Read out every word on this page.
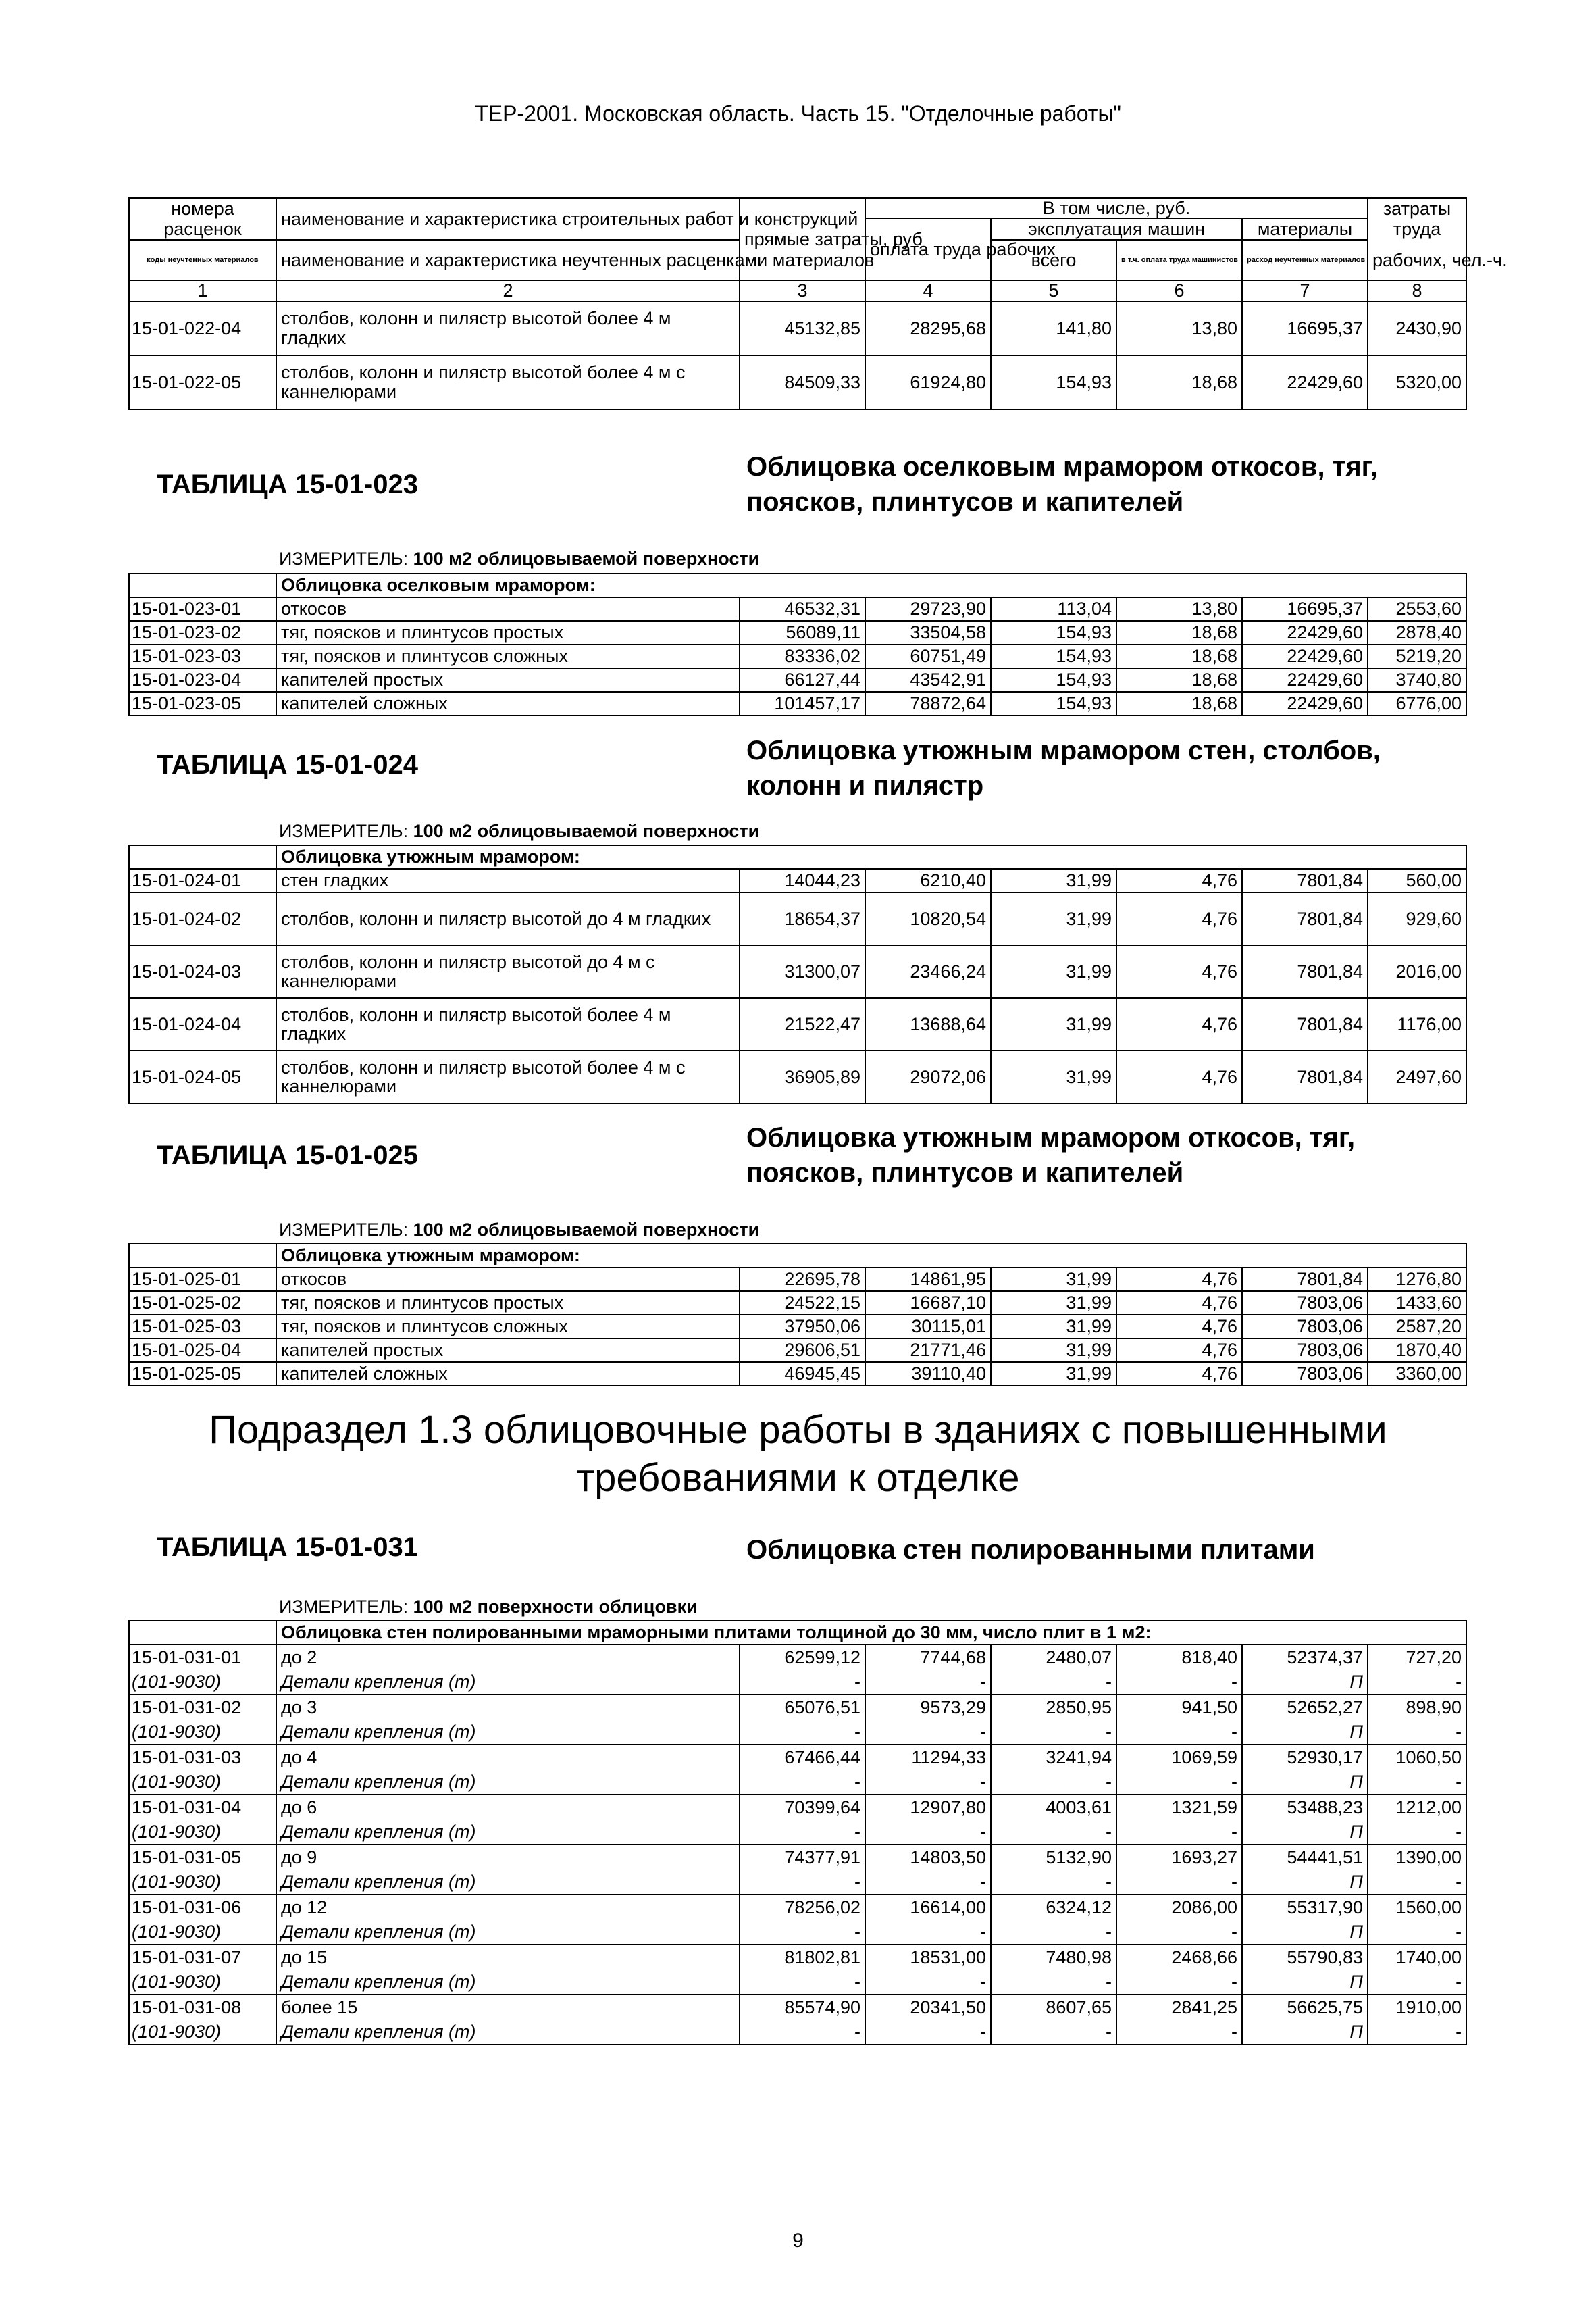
ТЕР-2001. Московская область. Часть 15. "Отделочные работы"
номера	наименование и характеристика строительных работ и конструкций	прямые затраты, руб	В том числе, руб.				затраты
расценок			оплата труда рабочих	эксплуатация машин		материалы	труда
коды неучтенных материалов	наименование и характеристика неучтенных расценками материалов			всего	в т.ч. оплата труда машинистов	расход неучтенных материалов	рабочих, чел.-ч.

1	2	3	4	5	6	7	8
15-01-022-04	столбов, колонн и пилястр высотой более 4 м гладких	45132,85	28295,68	141,80	13,80	16695,37	2430,90
15-01-022-05	столбов, колонн и пилястр высотой более 4 м с каннелюрами	84509,33	61924,80	154,93	18,68	22429,60	5320,00
ТАБЛИЦА 15-01-023
Облицовка оселковым мрамором откосов, тяг, поясков, плинтусов и капителей
ИЗМЕРИТЕЛЬ: 100 м2 облицовываемой поверхности
	Облицовка оселковым мрамором:						
15-01-023-01	откосов	46532,31	29723,90	113,04	13,80	16695,37	2553,60
15-01-023-02	тяг, поясков и плинтусов простых	56089,11	33504,58	154,93	18,68	22429,60	2878,40
15-01-023-03	тяг, поясков и плинтусов сложных	83336,02	60751,49	154,93	18,68	22429,60	5219,20
15-01-023-04	капителей простых	66127,44	43542,91	154,93	18,68	22429,60	3740,80
15-01-023-05	капителей сложных	101457,17	78872,64	154,93	18,68	22429,60	6776,00
ТАБЛИЦА 15-01-024	Облицовка утюжным мрамором стен, столбов, колонн и пилястр
ИЗМЕРИТЕЛЬ: 100 м2 облицовываемой поверхности
	Облицовка утюжным мрамором:						
15-01-024-01	стен гладких	14044,23	6210,40	31,99	4,76	7801,84	560,00
15-01-024-02	столбов, колонн и пилястр высотой до 4 м гладких	18654,37	10820,54	31,99	4,76	7801,84	929,60
15-01-024-03	столбов, колонн и пилястр высотой до 4 м с каннелюрами	31300,07	23466,24	31,99	4,76	7801,84	2016,00
15-01-024-04	столбов, колонн и пилястр высотой более 4 м гладких	21522,47	13688,64	31,99	4,76	7801,84	1176,00
15-01-024-05	столбов, колонн и пилястр высотой более 4 м с каннелюрами	36905,89	29072,06	31,99	4,76	7801,84	2497,60
ТАБЛИЦА 15-01-025
Облицовка утюжным мрамором откосов, тяг, поясков, плинтусов и капителей
ИЗМЕРИТЕЛЬ: 100 м2 облицовываемой поверхности
	Облицовка утюжным мрамором:						
15-01-025-01	откосов	22695,78	14861,95	31,99	4,76	7801,84	1276,80
15-01-025-02	тяг, поясков и плинтусов простых	24522,15	16687,10	31,99	4,76	7803,06	1433,60
15-01-025-03	тяг, поясков и плинтусов сложных	37950,06	30115,01	31,99	4,76	7803,06	2587,20
15-01-025-04	капителей простых	29606,51	21771,46	31,99	4,76	7803,06	1870,40
15-01-025-05	капителей сложных	46945,45	39110,40	31,99	4,76	7803,06	3360,00
Подраздел 1.3 облицовочные работы в зданиях с повышенными
требованиями к отделке
ТАБЛИЦА 15-01-031	Облицовка стен полированными плитами
ИЗМЕРИТЕЛЬ: 100 м2 поверхности облицовки
	Облицовка стен полированными мраморными плитами толщиной до 30 мм, число плит в 1 м2:						
15-01-031-01	до 2	62599,12	7744,68	2480,07	818,40	52374,37	727,20
(101-9030)	Детали крепления (т)	-	-	-	-	П	-
15-01-031-02	до 3	65076,51	9573,29	2850,95	941,50	52652,27	898,90
(101-9030)	Детали крепления (т)	-	-	-	-	П	-
15-01-031-03	до 4	67466,44	11294,33	3241,94	1069,59	52930,17	1060,50
(101-9030)	Детали крепления (т)	-	-	-	-	П	-
15-01-031-04	до 6	70399,64	12907,80	4003,61	1321,59	53488,23	1212,00
(101-9030)	Детали крепления (т)	-	-	-	-	П	-
15-01-031-05	до 9	74377,91	14803,50	5132,90	1693,27	54441,51	1390,00
(101-9030)	Детали крепления (т)	-	-	-	-	П	-
15-01-031-06	до 12	78256,02	16614,00	6324,12	2086,00	55317,90	1560,00
(101-9030)	Детали крепления (т)	-	-	-	-	П	-
15-01-031-07	до 15	81802,81	18531,00	7480,98	2468,66	55790,83	1740,00
(101-9030)	Детали крепления (т)	-	-	-	-	П	-
15-01-031-08	более 15	85574,90	20341,50	8607,65	2841,25	56625,75	1910,00
(101-9030)	Детали крепления (т)	-	-	-	-	П	-
9
